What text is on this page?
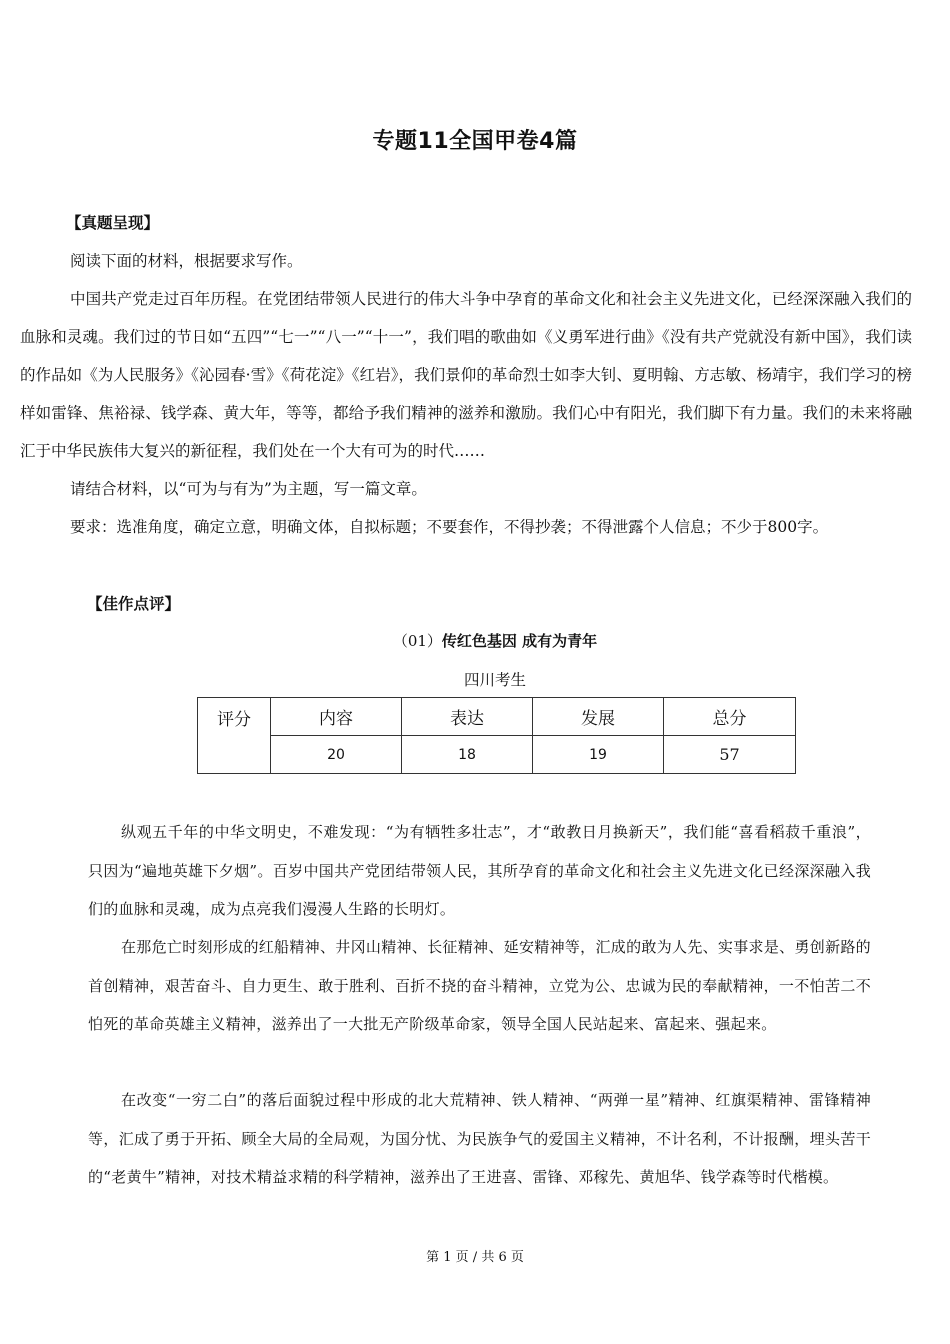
专题11全国甲卷4篇
【真题呈现】
阅读下面的材料，根据要求写作。
中国共产党走过百年历程。在党团结带领人民进行的伟大斗争中孕育的革命文化和社会主义先进文化，已经深深融入我们的血脉和灵魂。我们过的节日如“五四”“七一”“八一”“十一”，我们唱的歌曲如《义勇军进行曲》《没有共产党就没有新中国》，我们读的作品如《为人民服务》《沁园春·雪》《荷花淀》《红岩》，我们景仰的革命烈士如李大钊、夏明翰、方志敏、杨靖宇，我们学习的榜样如雷锋、焦裕禄、钱学森、黄大年，等等，都给予我们精神的滋养和激励。我们心中有阳光，我们脚下有力量。我们的未来将融汇于中华民族伟大复兴的新征程，我们处在一个大有可为的时代……
请结合材料，以“可为与有为”为主题，写一篇文章。
要求：选准角度，确定立意，明确文体，自拟标题；不要套作，不得抄袭；不得泄露个人信息；不少于800字。
【佳作点评】
（01）传红色基因 成有为青年
四川考生
评分	内容	表达	发展	总分
	20	18	19	57
纵观五千年的中华文明史，不难发现：“为有牺牲多壮志”，才“敢教日月换新天”，我们能“喜看稻菽千重浪”，只因为“遍地英雄下夕烟”。百岁中国共产党团结带领人民，其所孕育的革命文化和社会主义先进文化已经深深融入我们的血脉和灵魂，成为点亮我们漫漫人生路的长明灯。
在那危亡时刻形成的红船精神、井冈山精神、长征精神、延安精神等，汇成的敢为人先、实事求是、勇创新路的首创精神，艰苦奋斗、自力更生、敢于胜利、百折不挠的奋斗精神，立党为公、忠诚为民的奉献精神，一不怕苦二不怕死的革命英雄主义精神，滋养出了一大批无产阶级革命家，领导全国人民站起来、富起来、强起来。
在改变“一穷二白”的落后面貌过程中形成的北大荒精神、铁人精神、“两弹一星”精神、红旗渠精神、雷锋精神等，汇成了勇于开拓、顾全大局的全局观，为国分忧、为民族争气的爱国主义精神，不计名利，不计报酬，埋头苦干的“老黄牛”精神，对技术精益求精的科学精神，滋养出了王进喜、雷锋、邓稼先、黄旭华、钱学森等时代楷模。
第 1 页 / 共 6 页
